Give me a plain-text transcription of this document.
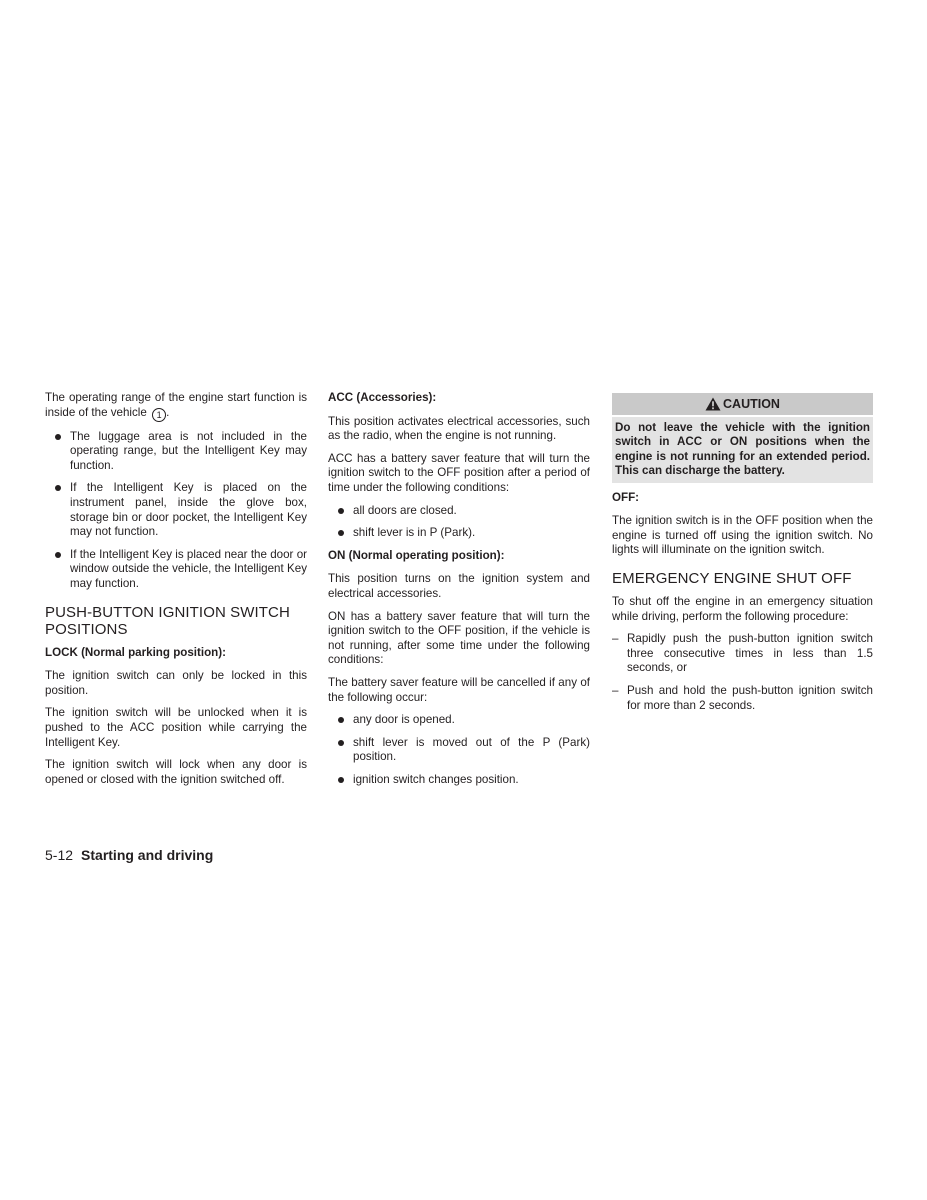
The operating range of the engine start function is inside of the vehicle 1 .

The luggage area is not included in the operating range, but the Intelligent Key may function.
If the Intelligent Key is placed on the instrument panel, inside the glove box, storage bin or door pocket, the Intelligent Key may not function.
If the Intelligent Key is placed near the door or window outside the vehicle, the Intelligent Key may function.
PUSH-BUTTON IGNITION SWITCH POSITIONS
LOCK (Normal parking position):

The ignition switch can only be locked in this position.

The ignition switch will be unlocked when it is pushed to the ACC position while carrying the Intelligent Key.

The ignition switch will lock when any door is opened or closed with the ignition switched off.

ACC (Accessories):

This position activates electrical accessories, such as the radio, when the engine is not running.

ACC has a battery saver feature that will turn the ignition switch to the OFF position after a period of time under the following conditions:

all doors are closed.
shift lever is in P (Park).
ON (Normal operating position):

This position turns on the ignition system and electrical accessories.

ON has a battery saver feature that will turn the ignition switch to the OFF position, if the vehicle is not running, after some time under the following conditions:

The battery saver feature will be cancelled if any of the following occur:

any door is opened.
shift lever is moved out of the P (Park) position.
ignition switch changes position.
CAUTION
Do not leave the vehicle with the ignition switch in ACC or ON positions when the engine is not running for an extended period. This can discharge the battery.
OFF:

The ignition switch is in the OFF position when the engine is turned off using the ignition switch. No lights will illuminate on the ignition switch.

EMERGENCY ENGINE SHUT OFF

To shut off the engine in an emergency situation while driving, perform the following procedure:

– Rapidly push the push-button ignition switch three consecutive times in less than 1.5 seconds, or
– Push and hold the push-button ignition switch for more than 2 seconds.
5-12 Starting and driving
